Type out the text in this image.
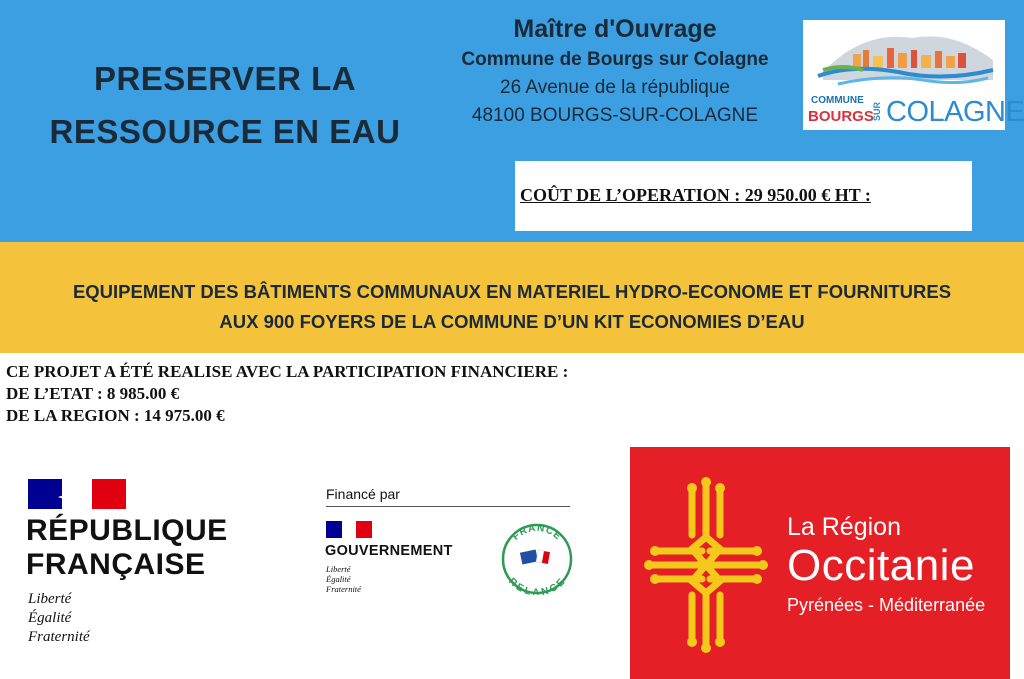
PRESERVER LA
RESSOURCE EN EAU
Maître d'Ouvrage
Commune de Bourgs sur Colagne
26 Avenue de la république
48100 BOURGS-SUR-COLAGNE
COMMUNE
BOURGS
SUR COLAGNE
COÛT DE L’OPERATION : 29 950.00 € HT :
EQUIPEMENT DES BÂTIMENTS COMMUNAUX EN MATERIEL HYDRO-ECONOME ET FOURNITURES
AUX 900 FOYERS DE LA COMMUNE D’UN KIT ECONOMIES D’EAU
CE PROJET A ÉTÉ REALISE AVEC LA PARTICIPATION FINANCIERE :
DE L’ETAT : 8 985.00 €
DE LA REGION : 14 975.00 €
RÉPUBLIQUE
FRANÇAISE
Liberté
Égalité
Fraternité
Financé par
GOUVERNEMENT
Liberté
Égalité
Fraternité
FRANCE
RELANCE
La Région
Occitanie
Pyrénées - Méditerranée
